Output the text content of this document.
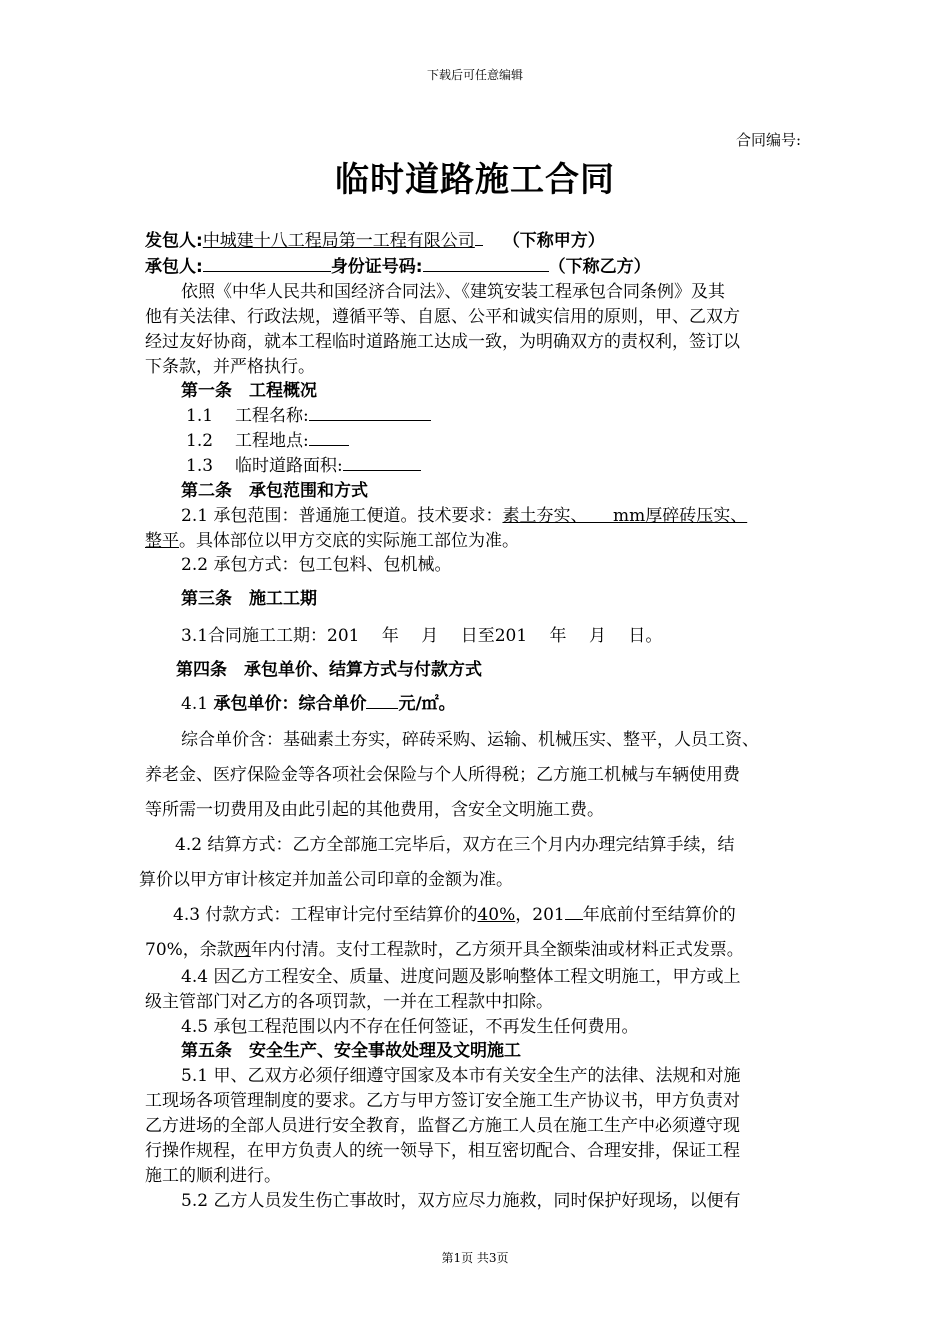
下载后可任意编辑
合同编号:
临时道路施工合同
发包人:中城建十八工程局第一工程有限公司 （下称甲方）
承包人:	身份证号码:	（下称乙方）
依照《中华人民共和国经济合同法》、《建筑安装工程承包合同条例》及其
他有关法律、行政法规，遵循平等、自愿、公平和诚实信用的原则，甲、乙双方
经过友好协商，就本工程临时道路施工达成一致，为明确双方的责权利，签订以
下条款，并严格执行。
第一条　工程概况
1.1 工程名称:
1.2 工程地点:
1.3 临时道路面积:
第二条　承包范围和方式
2.1 承包范围：普通施工便道。技术要求：素土夯实、　　mm厚碎砖压实、
整平。具体部位以甲方交底的实际施工部位为准。
2.2 承包方式：包工包料、包机械。
第三条　施工工期
3.1合同施工工期：201　 年　 月　 日至201　 年　 月　 日。
第四条　承包单价、结算方式与付款方式
4.1 承包单价：综合单价 元/㎡。
综合单价含：基础素土夯实，碎砖采购、运输、机械压实、整平，人员工资、
养老金、医疗保险金等各项社会保险与个人所得税；乙方施工机械与车辆使用费
等所需一切费用及由此引起的其他费用，含安全文明施工费。
4.2 结算方式：乙方全部施工完毕后，双方在三个月内办理完结算手续，结
算价以甲方审计核定并加盖公司印章的金额为准。
4.3 付款方式：工程审计完付至结算价的40%，201 年底前付至结算价的
70%，余款两年内付清。支付工程款时，乙方须开具全额柴油或材料正式发票。
4.4 因乙方工程安全、质量、进度问题及影响整体工程文明施工，甲方或上
级主管部门对乙方的各项罚款，一并在工程款中扣除。
4.5 承包工程范围以内不存在任何签证，不再发生任何费用。
第五条　安全生产、安全事故处理及文明施工
5.1 甲、乙双方必须仔细遵守国家及本市有关安全生产的法律、法规和对施
工现场各项管理制度的要求。乙方与甲方签订安全施工生产协议书，甲方负责对
乙方进场的全部人员进行安全教育，监督乙方施工人员在施工生产中必须遵守现
行操作规程，在甲方负责人的统一领导下，相互密切配合、合理安排，保证工程
施工的顺利进行。
5.2 乙方人员发生伤亡事故时，双方应尽力施救，同时保护好现场，以便有
第1页 共3页
